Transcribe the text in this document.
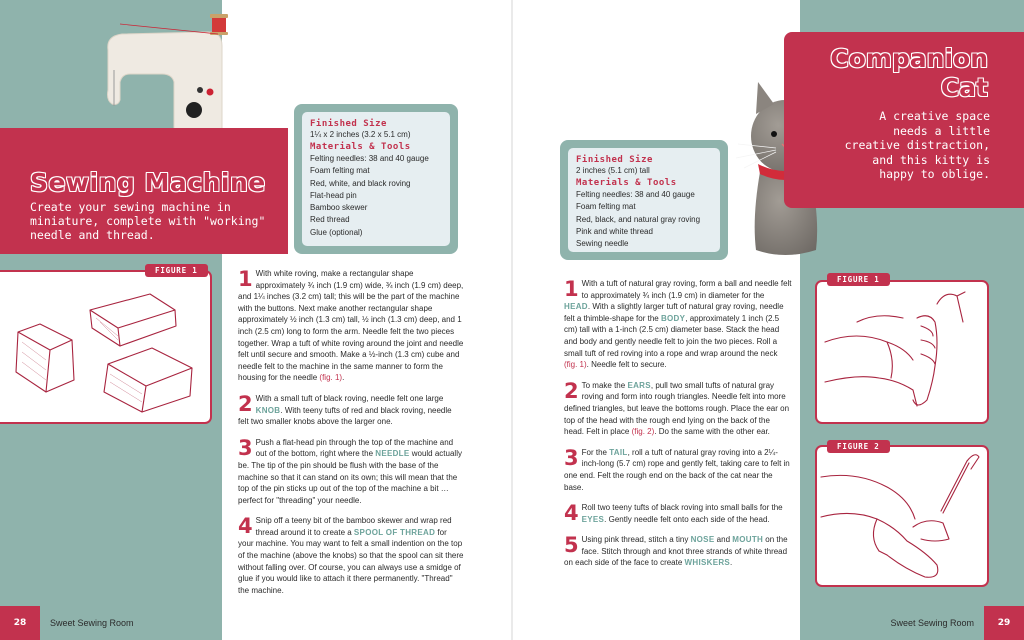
Sewing Machine

Create your sewing machine in miniature, complete with "working" needle and thread.

Finished Size
1¼ x 2 inches (3.2 x 5.1 cm)
Materials & Tools
Felting needles: 38 and 40 gauge
Foam felting mat
Red, white, and black roving
Flat-head pin
Bamboo skewer
Red thread
Glue (optional)
FIGURE 1	1 With white roving, make a rectangular shape approximately ¾ inch (1.9 cm) wide, ¾ inch (1.9 cm) deep, and 1¼ inches (3.2 cm) tall; this will be the part of the machine with the buttons. Next make another rectangular shape approximately ½ inch (1.3 cm) tall, ½ inch (1.3 cm) deep, and 1 inch (2.5 cm) long to form the arm. Needle felt the two pieces together. Wrap a tuft of white roving around the joint and needle felt until secure and smooth. Make a ½-inch (1.3 cm) cube and needle felt to the machine in the same manner to form the housing for the needle (fig. 1).
2 With a small tuft of black roving, needle felt one large KNOB. With teeny tufts of red and black roving, needle felt two smaller knobs above the larger one.
3 Push a flat-head pin through the top of the machine and out of the bottom, right where the NEEDLE would actually be. The tip of the pin should be flush with the base of the machine so that it can stand on its own; this will mean that the top of the pin sticks up out of the top of the machine a bit … perfect for "threading" your needle.
4 Snip off a teeny bit of the bamboo skewer and wrap red thread around it to create a SPOOL OF THREAD for your machine. You may want to felt a small indention on the top of the machine (above the knobs) so that the spool can sit there without falling over. Of course, you can always use a smidge of glue if you would like to attach it there permanently. "Thread" the machine.
28	Sweet Sewing Room
Finished Size
2 inches (5.1 cm) tall
Materials & Tools
Felting needles: 38 and 40 gauge
Foam felting mat
Red, black, and natural gray roving
Pink and white thread
Sewing needle
Companion
Cat

A creative space needs a little creative distraction, and this kitty is happy to oblige.

1 With a tuft of natural gray roving, form a ball and needle felt to approximately ¾ inch (1.9 cm) in diameter for the HEAD. With a slightly larger tuft of natural gray roving, needle felt a thimble-shape for the BODY, approximately 1 inch (2.5 cm) tall with a 1-inch (2.5 cm) diameter base. Stack the head and body and gently needle felt to join the two pieces. Roll a small tuft of red roving into a rope and wrap around the neck (fig. 1). Needle felt to secure.
2 To make the EARS, pull two small tufts of natural gray roving and form into rough triangles. Needle felt into more defined triangles, but leave the bottoms rough. Place the ear on top of the head with the rough end lying on the back of the head. Felt in place (fig. 2). Do the same with the other ear.
3 For the TAIL, roll a tuft of natural gray roving into a 2¼-inch-long (5.7 cm) rope and gently felt, taking care to felt in one end. Felt the rough end on the back of the cat near the base.
4 Roll two teeny tufts of black roving into small balls for the EYES. Gently needle felt onto each side of the head.
5 Using pink thread, stitch a tiny NOSE and MOUTH on the face. Stitch through and knot three strands of white thread on each side of the face to create WHISKERS.
FIGURE 1
FIGURE 2
Sweet Sewing Room	29
